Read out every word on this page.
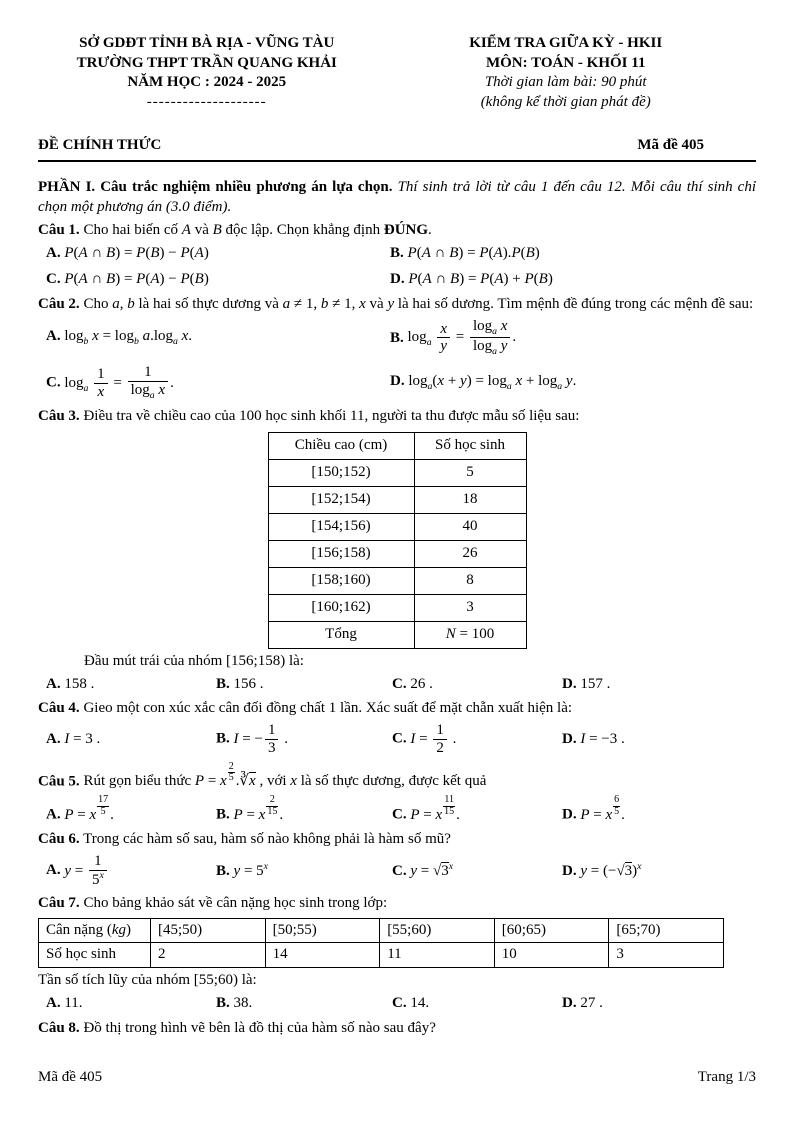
SỞ GDĐT TỈNH BÀ RỊA - VŨNG TÀU
TRƯỜNG THPT TRẦN QUANG KHẢI
NĂM HỌC : 2024 - 2025
--------------------
KIỂM TRA GIỮA KỲ - HKII
MÔN: TOÁN - KHỐI 11
Thời gian làm bài: 90 phút
(không kể thời gian phát đề)
ĐỀ CHÍNH THỨC	Mã đề 405

PHẦN I. Câu trắc nghiệm nhiều phương án lựa chọn. Thí sinh trả lời từ câu 1 đến câu 12. Mỗi câu thí sinh chỉ chọn một phương án (3.0 điểm).

Câu 1. Cho hai biến cố A và B độc lập. Chọn khẳng định ĐÚNG.

A. P(A ∩ B) = P(B) − P(A)	B. P(A ∩ B) = P(A).P(B)
C. P(A ∩ B) = P(A) − P(B)	D. P(A ∩ B) = P(A) + P(B)

Câu 2. Cho a, b là hai số thực dương và a ≠ 1, b ≠ 1, x và y là hai số dương. Tìm mệnh đề đúng trong các mệnh đề sau:

A. $\log_b x = \log_b a.\log_a$ x.	B. $\log_a \frac{x}{y} = \frac{\log_a x}{\log_a y}$ .
C. $\log_a \frac{1}{x} = \frac{1}{\log_a x}$ .	D. $\log_a(x + y) = \log_a x + \log_a y$.

Câu 3. Điều tra về chiều cao của 100 học sinh khối 11, người ta thu được mẫu số liệu sau:

Chiều cao (cm)	Số học sinh
[150;152)	5
[152;154)	18
[154;156)	40
[156;158)	26
[158;160)	8
[160;162)	3
Tổng	N = 100

Đầu mút trái của nhóm [156;158) là:

A. 158 .	B. 156 .	C. 26 .	D. 157 .

Câu 4. Gieo một con xúc xắc cân đối đồng chất 1 lần. Xác suất để mặt chẵn xuất hiện là:

A. I = 3 .	B. I = − $\frac{1}{3}$ .	C. $I = \frac{1}{2}$ .	D. I = −3 .

Câu 5. Rút gọn biểu thức P = x $\frac{2}{5}$ .∛x , với x là số thực dương, được kết quả

A. P = x $\frac{17}{5}$ .	B. P = x $\frac{2}{15}$ .	C. P = x $\frac{11}{15}$ .	D. P = x $\frac{6}{5}$ .

Câu 6. Trong các hàm số sau, hàm số nào không phải là hàm số mũ?

A. $y = \frac{1}{5^x}$	B. $y = 5^x$	C. $y = √3^x$	D. $y = (-√3)^x$

Câu 7. Cho bảng khảo sát về cân nặng học sinh trong lớp:

Cân nặng (kg)	[45;50)	[50;55)	[55;60)	[60;65)	[65;70)
Số học sinh	2	14	11	10	3

Tần số tích lũy của nhóm [55;60) là:

A. 11.	B. 38.	C. 14.	D. 27 .

Câu 8. Đồ thị trong hình vẽ bên là đồ thị của hàm số nào sau đây?

Mã đề 405	Trang 1/3
